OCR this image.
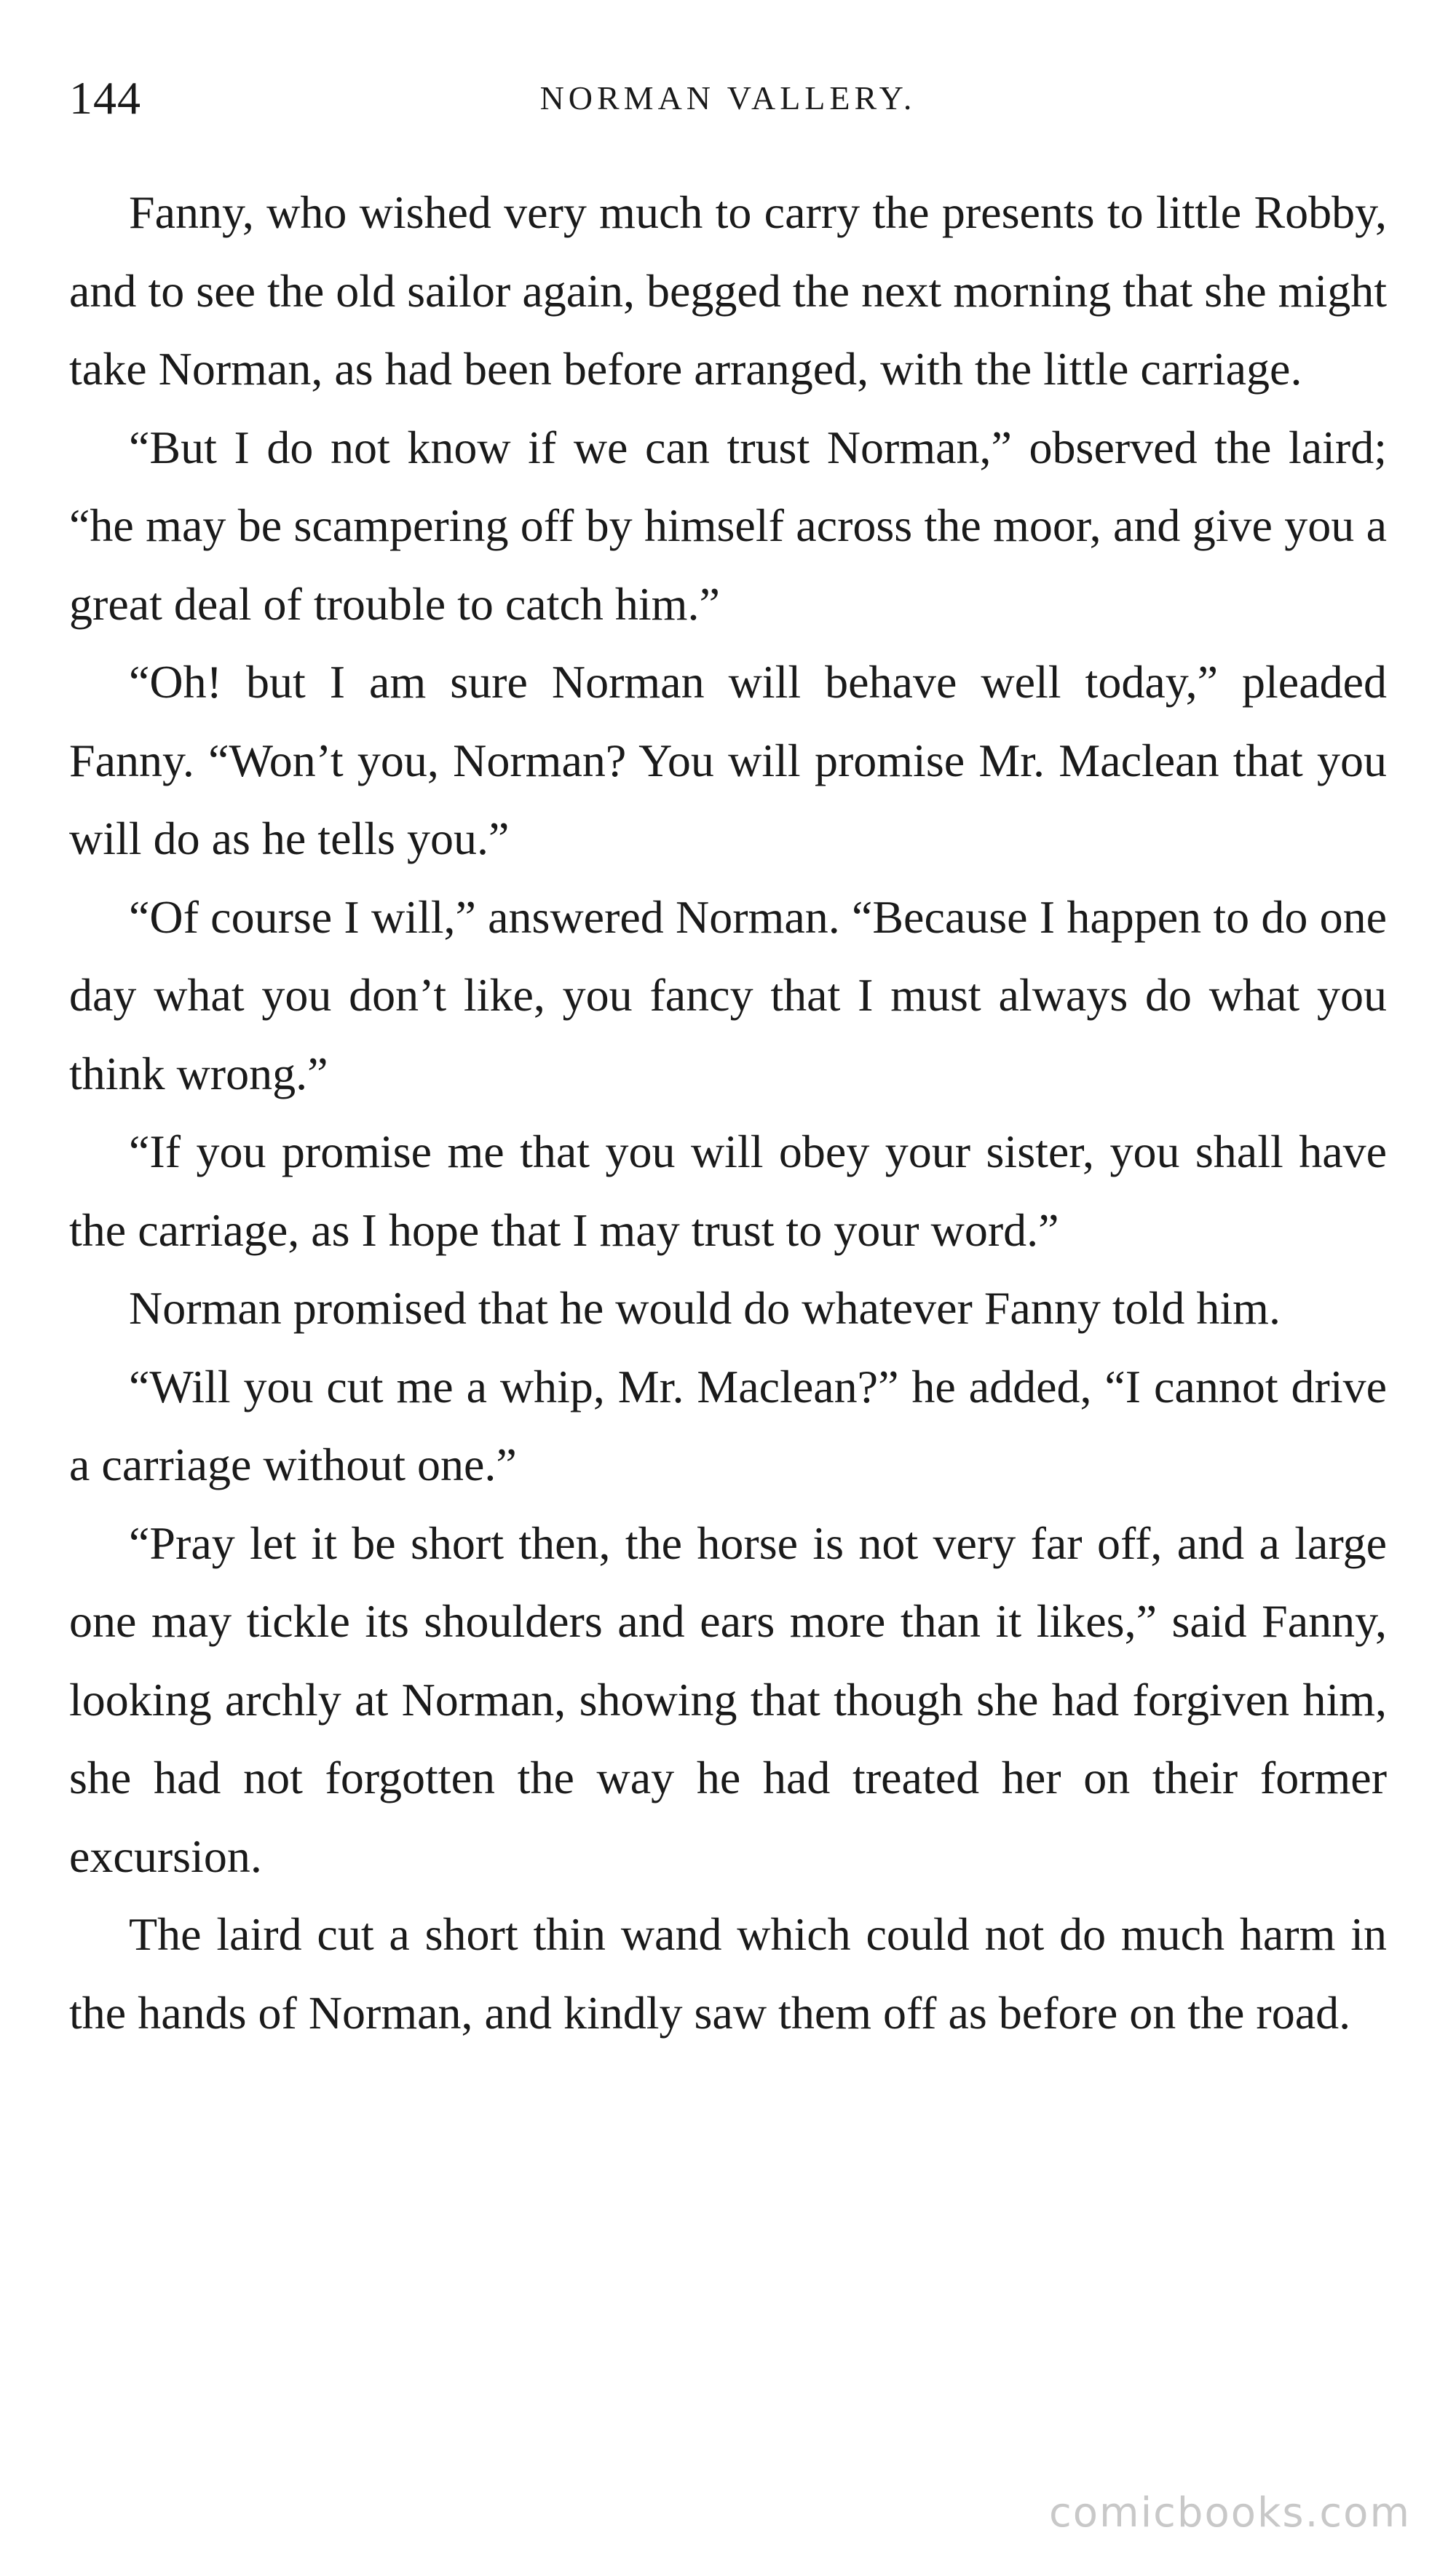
144	NORMAN VALLERY.

Fanny, who wished very much to carry the presents to little Robby, and to see the old sailor again, begged the next morning that she might take Norman, as had been before arranged, with the little carriage.

“But I do not know if we can trust Norman,” observed the laird; “he may be scampering off by himself across the moor, and give you a great deal of trouble to catch him.”

“Oh! but I am sure Norman will behave well today,” pleaded Fanny. “Won’t you, Norman? You will promise Mr. Maclean that you will do as he tells you.”

“Of course I will,” answered Norman. “Because I happen to do one day what you don’t like, you fancy that I must always do what you think wrong.”

“If you promise me that you will obey your sister, you shall have the carriage, as I hope that I may trust to your word.”

Norman promised that he would do whatever Fanny told him.

“Will you cut me a whip, Mr. Maclean?” he added, “I cannot drive a carriage without one.”

“Pray let it be short then, the horse is not very far off, and a large one may tickle its shoulders and ears more than it likes,” said Fanny, looking archly at Norman, showing that though she had forgiven him, she had not forgotten the way he had treated her on their former excursion.

The laird cut a short thin wand which could not do much harm in the hands of Norman, and kindly saw them off as before on the road.

comicbooks.com
